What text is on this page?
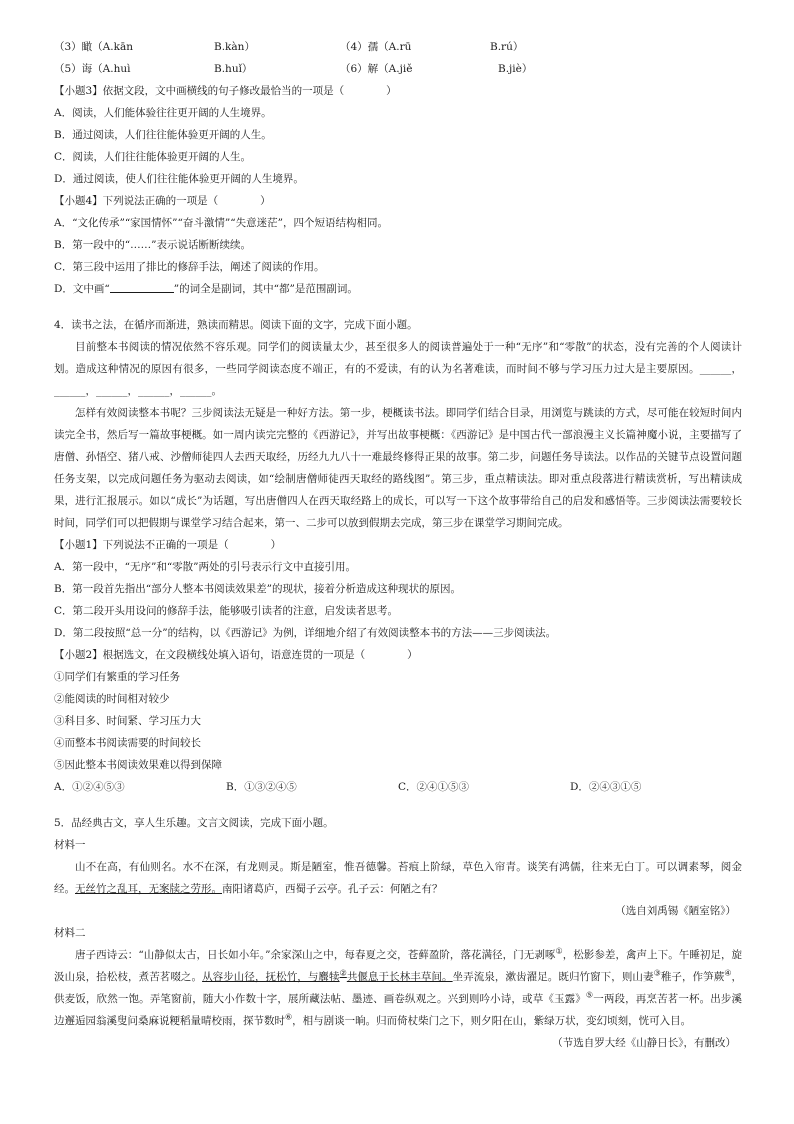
（3）瞰（A.kān	B.kàn）	（4）孺（A.rū	B.rú）
（5）诲（A.huì	B.huǐ）	（6）解（A.jiě	B.jiè）
【小题3】依据文段，文中画横线的句子修改最恰当的一项是（　　　　）
A．阅读，人们能体验往往更开阔的人生境界。
B．通过阅读，人们往往能体验更开阔的人生。
C．阅读，人们往往能体验更开阔的人生。
D．通过阅读，使人们往往能体验更开阔的人生境界。
【小题4】下列说法正确的一项是（　　　　）
A．“文化传承”“家国情怀”“奋斗激情”“失意迷茫”，四个短语结构相同。
B．第一段中的“……”表示说话断断续续。
C．第三段中运用了排比的修辞手法，阐述了阅读的作用。
D．文中画“	”的词全是副词，其中“都”是范围副词。
4．读书之法，在循序而渐进，熟读而精思。阅读下面的文字，完成下面小题。
目前整本书阅读的情况依然不容乐观。同学们的阅读量太少，甚至很多人的阅读普遍处于一种“无序”和“零散”的状态，没有完善的个人阅读计划。造成这种情况的原因有很多，一些同学阅读态度不端正，有的不爱读，有的认为名著难读，而时间不够与学习压力过大是主要原因。______，______，______，______，______。
怎样有效阅读整本书呢？三步阅读法无疑是一种好方法。第一步，梗概读书法。即同学们结合目录，用浏览与跳读的方式，尽可能在较短时间内读完全书，然后写一篇故事梗概。如一周内读完完整的《西游记》，并写出故事梗概：《西游记》是中国古代一部浪漫主义长篇神魔小说，主要描写了唐僧、孙悟空、猪八戒、沙僧师徒四人去西天取经，历经九九八十一难最终修得正果的故事。第二步，问题任务导读法。以作品的关键节点设置问题任务支架，以完成问题任务为驱动去阅读，如“绘制唐僧师徒西天取经的路线图”。第三步，重点精读法。即对重点段落进行精读赏析，写出精读成果，进行汇报展示。如以“成长”为话题，写出唐僧四人在西天取经路上的成长，可以写一下这个故事带给自己的启发和感悟等。三步阅读法需要较长时间，同学们可以把假期与课堂学习结合起来，第一、二步可以放到假期去完成，第三步在课堂学习期间完成。
【小题1】下列说法不正确的一项是（　　　　）
A．第一段中，“无序”和“零散”两处的引号表示行文中直接引用。
B．第一段首先指出“部分人整本书阅读效果差”的现状，接着分析造成这种现状的原因。
C．第二段开头用设问的修辞手法，能够吸引读者的注意，启发读者思考。
D．第二段按照“总一分”的结构，以《西游记》为例，详细地介绍了有效阅读整本书的方法——三步阅读法。
【小题2】根据选文，在文段横线处填入语句，语意连贯的一项是（　　　　）
①同学们有繁重的学习任务
②能阅读的时间相对较少
③科目多、时间紧、学习压力大
④而整本书阅读需要的时间较长
⑤因此整本书阅读效果难以得到保障
A．①②④⑤③	B．①③②④⑤	C．②④①⑤③	D．②④③①⑤
5．品经典古文，享人生乐趣。文言文阅读，完成下面小题。
材料一
山不在高，有仙则名。水不在深，有龙则灵。斯是陋室，惟吾德馨。苔痕上阶绿，草色入帘青。谈笑有鸿儒，往来无白丁。可以调素琴，阅金经。无丝竹之乱耳，无案牍之劳形。南阳诸葛庐，西蜀子云亭。孔子云：何陋之有？
（选自刘禹锡《陋室铭》）
材料二
唐子西诗云：“山静似太古，日长如小年。”余家深山之中，每春夏之交，苍藓盈阶，落花满径，门无剥啄①，松影参差，禽声上下。午睡初足，旋汲山泉，拾松枝，煮苦茗啜之。从容步山径，抚松竹，与麛犊②共偃息于长林丰草间。坐弄流泉，漱齿濯足。既归竹窗下，则山妻③稚子，作笋蕨④，供麦饭，欣然一饱。弄笔窗前，随大小作数十字，展所藏法帖、墨迹、画卷纵观之。兴到则吟小诗，或草《玉露》⑤一两段，再烹苦茗一杯。出步溪边邂逅园翁溪叟问桑麻说粳稻量晴校雨，探节数时⑥，相与剧谈一晌。归而倚杖柴门之下，则夕阳在山，紫绿万状，变幻顷刻，恍可入目。
（节选自罗大经《山静日长》，有删改）
